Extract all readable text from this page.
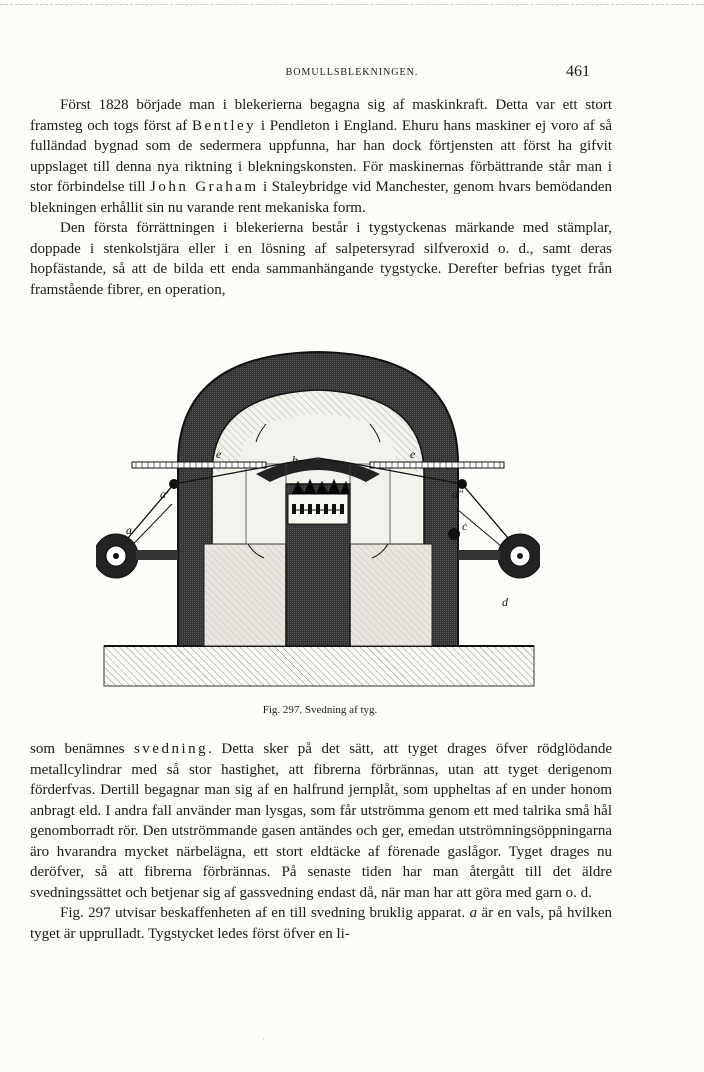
BOMULLSBLEKNINGEN.	461

Först 1828 började man i blekerierna begagna sig af maskinkraft. Detta var ett stort framsteg och togs först af Bentley i Pendleton i England. Ehuru hans maskiner ej voro af så fulländad bygnad som de sedermera uppfunna, har han dock förtjensten att först ha gifvit uppslaget till denna nya riktning i blekningskonsten. För maskinernas förbättrande står man i stor förbindelse till John Graham i Staleybridge vid Manchester, genom hvars bemödanden blekningen erhållit sin nu varande rent mekaniska form.

Den första förrättningen i blekerierna består i tygstyckenas märkande med stämplar, doppade i stenkolstjära eller i en lösning af salpetersyrad silfveroxid o. d., samt deras hopfästande, så att de bilda ett enda sammanhängande tygstycke. Derefter befrias tyget från framstående fibrer, en operation,

a
a'	a"
c
d
e	e
b
Fig. 297. Svedning af tyg.

som benämnes svedning. Detta sker på det sätt, att tyget drages öfver rödglödande metallcylindrar med så stor hastighet, att fibrerna förbrännas, utan att tyget derigenom förderfvas. Dertill begagnar man sig af en halfrund jernplåt, som uppheltas af en under honom anbragt eld. I andra fall använder man lysgas, som får utströmma genom ett med talrika små hål genomborradt rör. Den utströmmande gasen antändes och ger, emedan utströmningsöppningarna äro hvarandra mycket närbelägna, ett stort eldtäcke af förenade gaslågor. Tyget drages nu deröfver, så att fibrerna förbrännas. På senaste tiden har man återgått till det äldre svedningssättet och betjenar sig af gassvedning endast då, när man har att göra med garn o. d.

Fig. 297 utvisar beskaffenheten af en till svedning bruklig apparat. a är en vals, på hvilken tyget är upprulladt. Tygstycket ledes först öfver en li-

·
